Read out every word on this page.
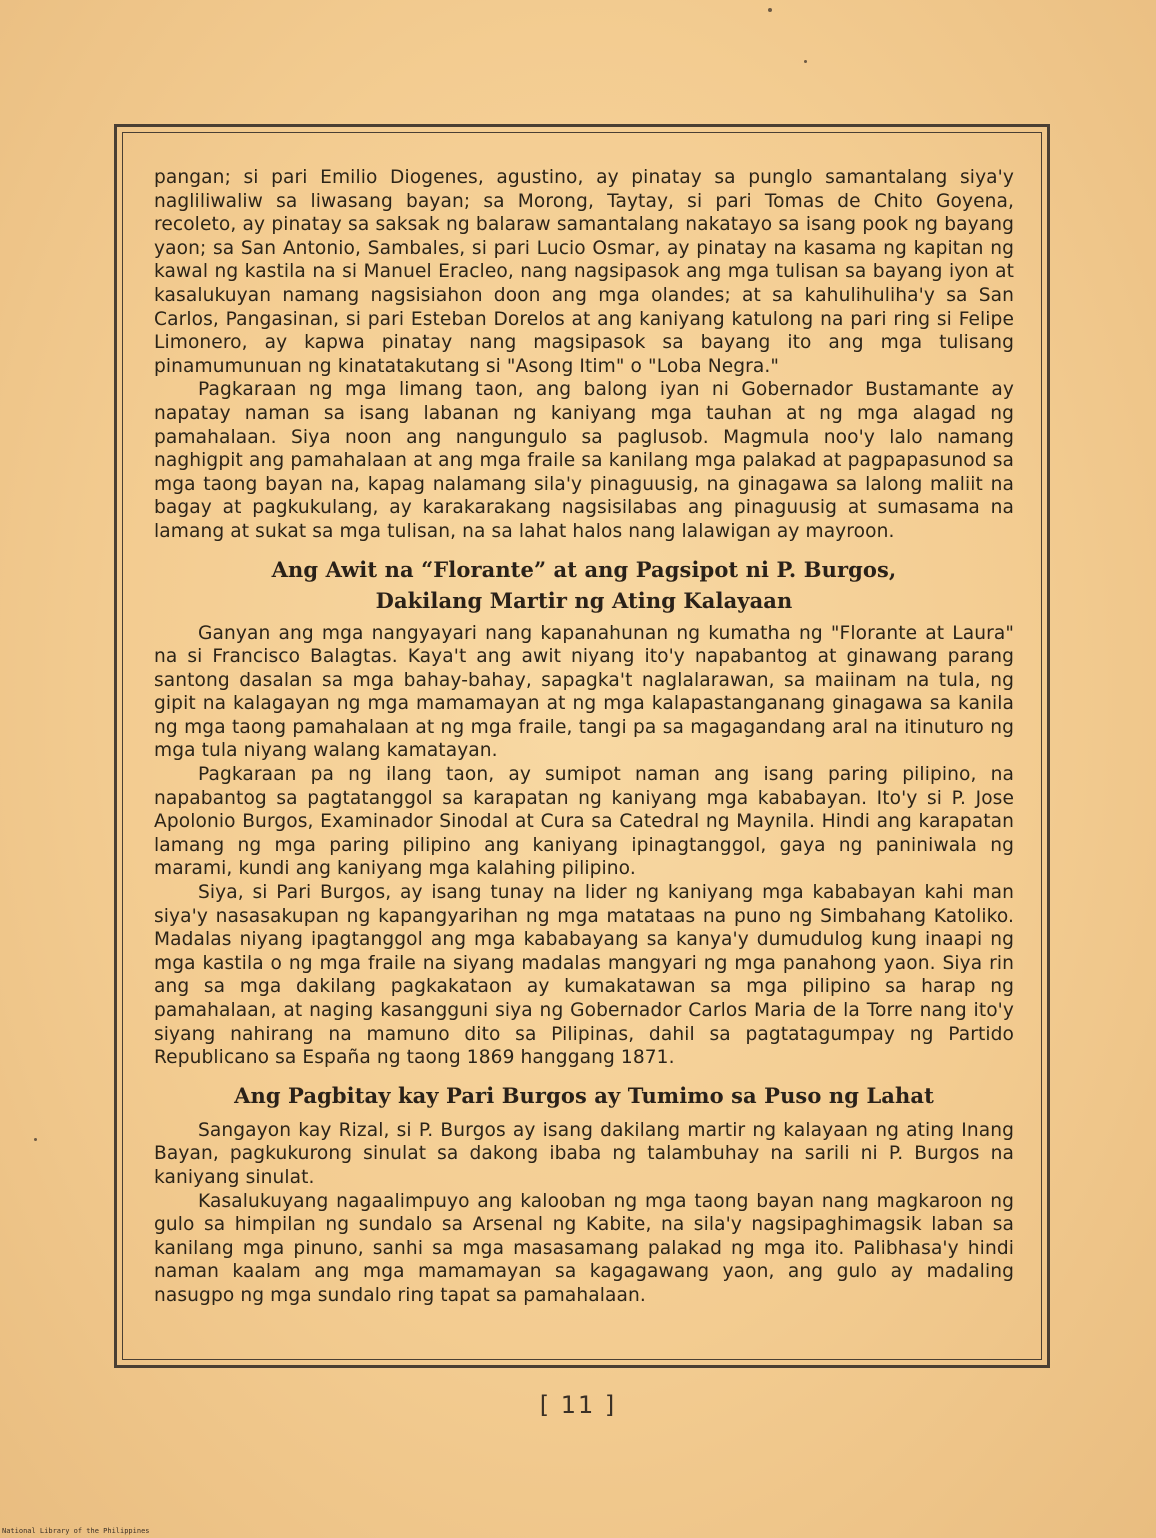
pangan; si pari Emilio Diogenes, agustino, ay pinatay sa punglo samantalang siya'y nagliliwaliw sa liwasang bayan; sa Morong, Taytay, si pari Tomas de Chito Goyena, recoleto, ay pinatay sa saksak ng balaraw samantalang nakatayo sa isang pook ng bayang yaon; sa San Antonio, Sambales, si pari Lucio Osmar, ay pinatay na kasama ng kapitan ng kawal ng kastila na si Manuel Eracleo, nang nagsipasok ang mga tulisan sa bayang iyon at kasalukuyan namang nagsisiahon doon ang mga olandes; at sa kahulihuliha'y sa San Carlos, Pangasinan, si pari Esteban Dorelos at ang kaniyang katulong na pari ring si Felipe Limonero, ay kapwa pinatay nang magsipasok sa bayang ito ang mga tulisang pinamumunuan ng kinatatakutang si "Asong Itim" o "Loba Negra."

Pagkaraan ng mga limang taon, ang balong iyan ni Gobernador Bustamante ay napatay naman sa isang labanan ng kaniyang mga tauhan at ng mga alagad ng pamahalaan. Siya noon ang nangungulo sa paglusob. Magmula noo'y lalo namang naghigpit ang pamahalaan at ang mga fraile sa kanilang mga palakad at pagpapasunod sa mga taong bayan na, kapag nalamang sila'y pinaguusig, na ginagawa sa lalong maliit na bagay at pagkukulang, ay karakarakang nagsisilabas ang pinaguusig at sumasama na lamang at sukat sa mga tulisan, na sa lahat halos nang lalawigan ay mayroon.

Ang Awit na “Florante” at ang Pagsipot ni P. Burgos,
Dakilang Martir ng Ating Kalayaan

Ganyan ang mga nangyayari nang kapanahunan ng kumatha ng "Florante at Laura" na si Francisco Balagtas. Kaya't ang awit niyang ito'y napabantog at ginawang parang santong dasalan sa mga bahay-bahay, sapagka't naglalarawan, sa maiinam na tula, ng gipit na kalagayan ng mga mamamayan at ng mga kalapastanganang ginagawa sa kanila ng mga taong pamahalaan at ng mga fraile, tangi pa sa magagandang aral na itinuturo ng mga tula niyang walang kamatayan.

Pagkaraan pa ng ilang taon, ay sumipot naman ang isang paring pilipino, na napabantog sa pagtatanggol sa karapatan ng kaniyang mga kababayan. Ito'y si P. Jose Apolonio Burgos, Examinador Sinodal at Cura sa Catedral ng Maynila. Hindi ang karapatan lamang ng mga paring pilipino ang kaniyang ipinagtanggol, gaya ng paniniwala ng marami, kundi ang kaniyang mga kalahing pilipino.

Siya, si Pari Burgos, ay isang tunay na lider ng kaniyang mga kababayan kahi man siya'y nasasakupan ng kapangyarihan ng mga matataas na puno ng Simbahang Katoliko. Madalas niyang ipagtanggol ang mga kababayang sa kanya'y dumudulog kung inaapi ng mga kastila o ng mga fraile na siyang madalas mangyari ng mga panahong yaon. Siya rin ang sa mga dakilang pagkakataon ay kumakatawan sa mga pilipino sa harap ng pamahalaan, at naging kasangguni siya ng Gobernador Carlos Maria de la Torre nang ito'y siyang nahirang na mamuno dito sa Pilipinas, dahil sa pagtatagumpay ng Partido Republicano sa España ng taong 1869 hanggang 1871.

Ang Pagbitay kay Pari Burgos ay Tumimo sa Puso ng Lahat

Sangayon kay Rizal, si P. Burgos ay isang dakilang martir ng kalayaan ng ating Inang Bayan, pagkukurong sinulat sa dakong ibaba ng talambuhay na sarili ni P. Burgos na kaniyang sinulat.

Kasalukuyang nagaalimpuyo ang kalooban ng mga taong bayan nang magkaroon ng gulo sa himpilan ng sundalo sa Arsenal ng Kabite, na sila'y nagsipaghimagsik laban sa kanilang mga pinuno, sanhi sa mga masasamang palakad ng mga ito. Palibhasa'y hindi naman kaalam ang mga mamamayan sa kagagawang yaon, ang gulo ay madaling nasugpo ng mga sundalo ring tapat sa pamahalaan.

[ 11 ]
National Library of the Philippines
